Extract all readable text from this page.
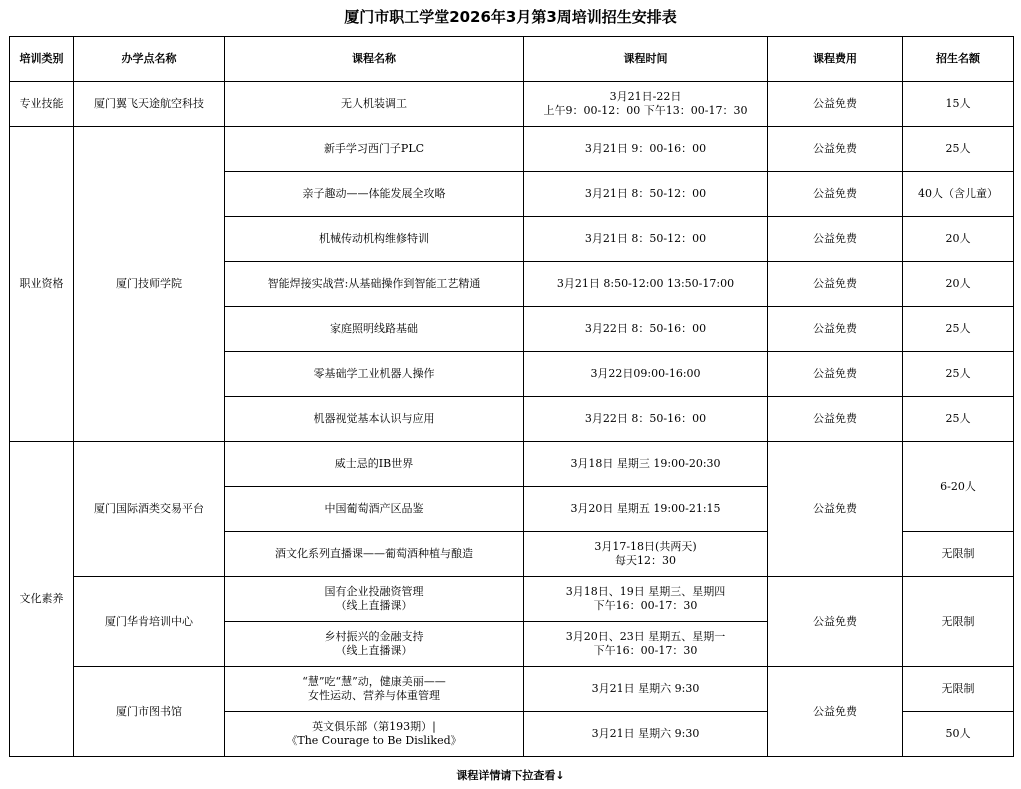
厦门市职工学堂2026年3月第3周培训招生安排表
培训类别	办学点名称	课程名称	课程时间	课程费用	招生名额
专业技能	厦门翼飞天途航空科技	无人机装调工	3月21日-22日
上午9：00-12：00 下午13：00-17：30	公益免费	15人
职业资格	厦门技师学院	新手学习西门子PLC	3月21日 9：00-16：00	公益免费	25人

		亲子趣动——体能发展全攻略	3月21日 8：50-12：00	公益免费	40人（含儿童）

		机械传动机构维修特训	3月21日 8：50-12：00	公益免费	20人

		智能焊接实战营:从基础操作到智能工艺精通	3月21日 8:50-12:00 13:50-17:00	公益免费	20人

		家庭照明线路基础	3月22日 8：50-16：00	公益免费	25人

		零基础学工业机器人操作	3月22日09:00-16:00	公益免费	25人

		机器视觉基本认识与应用	3月22日 8：50-16：00	公益免费	25人
文化素养	厦门国际酒类交易平台	威士忌的IB世界	3月18日 星期三 19:00-20:30	公益免费	6-20人

		中国葡萄酒产区品鉴	3月20日 星期五 19:00-21:15		

		酒文化系列直播课——葡萄酒种植与酿造	3月17-18日(共两天)
每天12：30		无限制
	厦门华肯培训中心	国有企业投融资管理
（线上直播课）	3月18日、19日 星期三、星期四
下午16：00-17：30	公益免费	无限制

		乡村振兴的金融支持
（线上直播课）	3月20日、23日 星期五、星期一
下午16：00-17：30		

	厦门市图书馆	“慧”吃“慧”动，健康美丽——
女性运动、营养与体重管理	3月21日 星期六 9:30	公益免费	无限制

		英文俱乐部（第193期）|
《The Courage to Be Disliked》	3月21日 星期六 9:30		50人
课程详情请下拉查看↓
